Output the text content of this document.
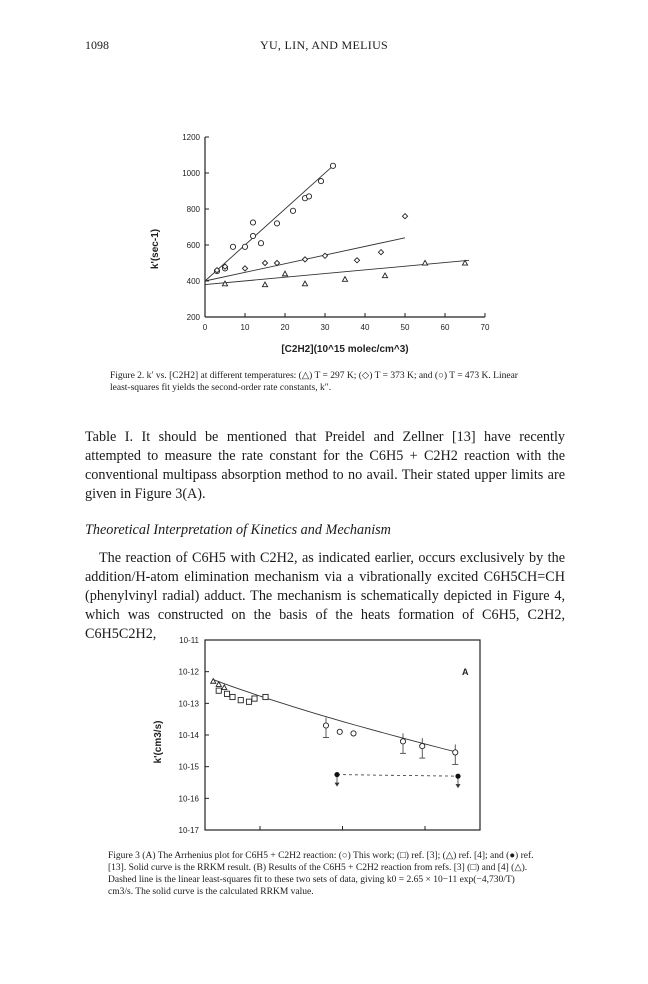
1098	YU, LIN, AND MELIUS
0	10	20	30	40	50	60	70
200
400
600
800
1000
1200
k'(sec-1)
[C2H2](10^15 molec/cm^3)
Figure 2. k′ vs. [C2H2] at different temperatures: (△) T = 297 K; (◇) T = 373 K; and (○) T = 473 K. Linear least-squares fit yields the second-order rate constants, k″.
Table I. It should be mentioned that Preidel and Zellner [13] have recently attempted to measure the rate constant for the C6H5 + C2H2 reaction with the conventional multipass absorption method to no avail. Their stated upper limits are given in Figure 3(A).
Theoretical Interpretation of Kinetics and Mechanism
The reaction of C6H5 with C2H2, as indicated earlier, occurs exclusively by the addition/H-atom elimination mechanism via a vibrationally excited C6H5CH=CH (phenylvinyl radial) adduct. The mechanism is schematically depicted in Figure 4, which was constructed on the basis of the heats formation of C6H5, C2H2, C6H5C2H2,	10-11
10-12
10-13
10-14
10-15
10-16
10-17
k'(cm3/s)
A
Figure 3 (A) The Arrhenius plot for C6H5 + C2H2 reaction: (○) This work; (□) ref. [3]; (△) ref. [4]; and (●) ref. [13]. Solid curve is the RRKM result. (B) Results of the C6H5 + C2H2 reaction from refs. [3] (□) and [4] (△). Dashed line is the linear least-squares fit to these two sets of data, giving k0 = 2.65 × 10−11 exp(−4,730/T) cm3/s. The solid curve is the calculated RRKM value.
